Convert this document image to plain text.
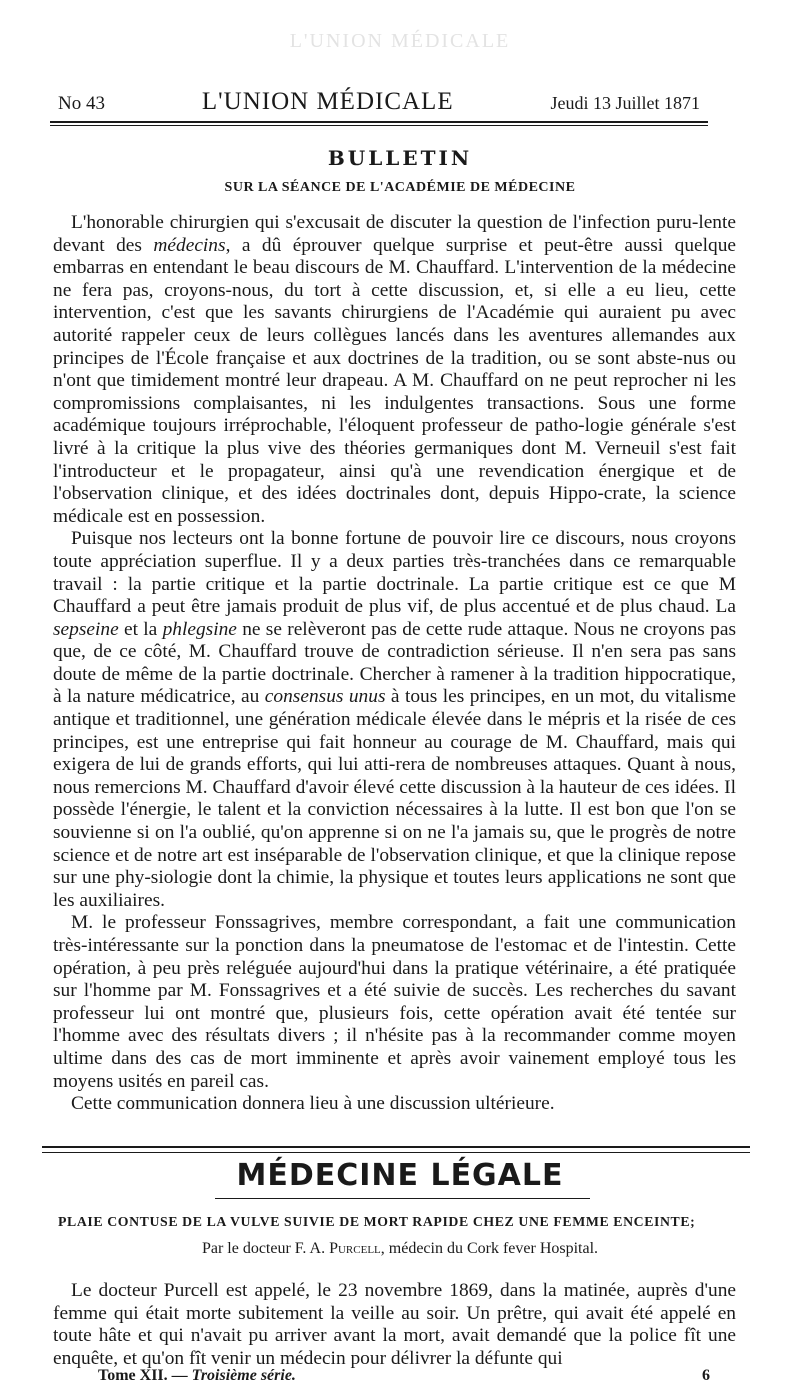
L'UNION MÉDICALE
No 43	L'UNION MÉDICALE	Jeudi 13 Juillet 1871
BULLETIN
SUR LA SÉANCE DE L'ACADÉMIE DE MÉDECINE

L'honorable chirurgien qui s'excusait de discuter la question de l'infection puru-lente devant des médecins, a dû éprouver quelque surprise et peut-être aussi quelque embarras en entendant le beau discours de M. Chauffard. L'intervention de la médecine ne fera pas, croyons-nous, du tort à cette discussion, et, si elle a eu lieu, cette intervention, c'est que les savants chirurgiens de l'Académie qui auraient pu avec autorité rappeler ceux de leurs collègues lancés dans les aventures allemandes aux principes de l'École française et aux doctrines de la tradition, ou se sont abste-nus ou n'ont que timidement montré leur drapeau. A M. Chauffard on ne peut reprocher ni les compromissions complaisantes, ni les indulgentes transactions. Sous une forme académique toujours irréprochable, l'éloquent professeur de patho-logie générale s'est livré à la critique la plus vive des théories germaniques dont M. Verneuil s'est fait l'introducteur et le propagateur, ainsi qu'à une revendication énergique et de l'observation clinique, et des idées doctrinales dont, depuis Hippo-crate, la science médicale est en possession.

Puisque nos lecteurs ont la bonne fortune de pouvoir lire ce discours, nous croyons toute appréciation superflue. Il y a deux parties très-tranchées dans ce remarquable travail : la partie critique et la partie doctrinale. La partie critique est ce que M Chauffard a peut être jamais produit de plus vif, de plus accentué et de plus chaud. La sepseine et la phlegsine ne se relèveront pas de cette rude attaque. Nous ne croyons pas que, de ce côté, M. Chauffard trouve de contradiction sérieuse. Il n'en sera pas sans doute de même de la partie doctrinale. Chercher à ramener à la tradition hippocratique, à la nature médicatrice, au consensus unus à tous les principes, en un mot, du vitalisme antique et traditionnel, une génération médicale élevée dans le mépris et la risée de ces principes, est une entreprise qui fait honneur au courage de M. Chauffard, mais qui exigera de lui de grands efforts, qui lui atti-rera de nombreuses attaques. Quant à nous, nous remercions M. Chauffard d'avoir élevé cette discussion à la hauteur de ces idées. Il possède l'énergie, le talent et la conviction nécessaires à la lutte. Il est bon que l'on se souvienne si on l'a oublié, qu'on apprenne si on ne l'a jamais su, que le progrès de notre science et de notre art est inséparable de l'observation clinique, et que la clinique repose sur une phy-siologie dont la chimie, la physique et toutes leurs applications ne sont que les auxiliaires.

M. le professeur Fonssagrives, membre correspondant, a fait une communication très-intéressante sur la ponction dans la pneumatose de l'estomac et de l'intestin. Cette opération, à peu près reléguée aujourd'hui dans la pratique vétérinaire, a été pratiquée sur l'homme par M. Fonssagrives et a été suivie de succès. Les recherches du savant professeur lui ont montré que, plusieurs fois, cette opération avait été tentée sur l'homme avec des résultats divers ; il n'hésite pas à la recommander comme moyen ultime dans des cas de mort imminente et après avoir vainement employé tous les moyens usités en pareil cas.

Cette communication donnera lieu à une discussion ultérieure.

MÉDECINE LÉGALE
PLAIE CONTUSE DE LA VULVE SUIVIE DE MORT RAPIDE CHEZ UNE FEMME ENCEINTE;
Par le docteur F. A. Purcell, médecin du Cork fever Hospital.

Le docteur Purcell est appelé, le 23 novembre 1869, dans la matinée, auprès d'une femme qui était morte subitement la veille au soir. Un prêtre, qui avait été appelé en toute hâte et qui n'avait pu arriver avant la mort, avait demandé que la police fît une enquête, et qu'on fît venir un médecin pour délivrer la défunte qui

Tome XII. — Troisième série.	6
